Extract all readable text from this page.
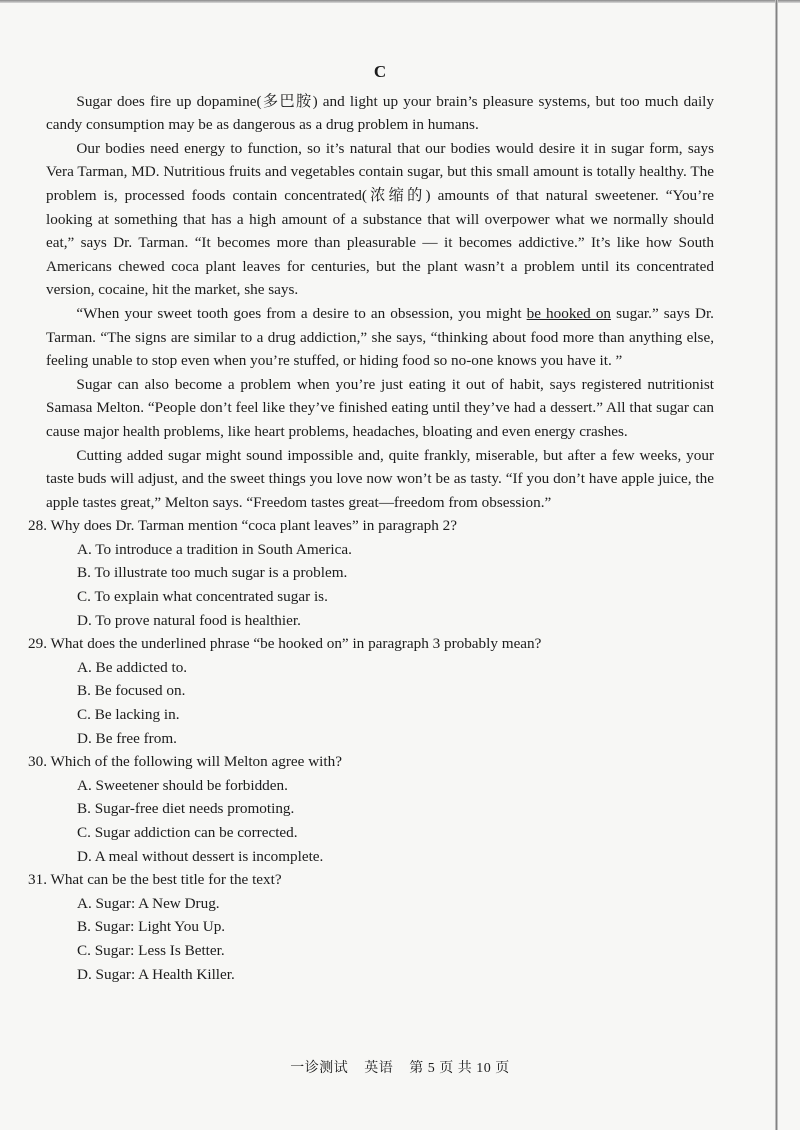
C

Sugar does fire up dopamine(多巴胺) and light up your brain’s pleasure systems, but too much daily candy consumption may be as dangerous as a drug problem in humans.

Our bodies need energy to function, so it’s natural that our bodies would desire it in sugar form, says Vera Tarman, MD. Nutritious fruits and vegetables contain sugar, but this small amount is totally healthy. The problem is, processed foods contain concentrated(浓缩的) amounts of that natural sweetener. “You’re looking at something that has a high amount of a substance that will overpower what we normally should eat,” says Dr. Tarman. “It becomes more than pleasurable — it becomes addictive.” It’s like how South Americans chewed coca plant leaves for centuries, but the plant wasn’t a problem until its concentrated version, cocaine, hit the market, she says.

“When your sweet tooth goes from a desire to an obsession, you might be hooked on sugar.” says Dr. Tarman. “The signs are similar to a drug addiction,” she says, “thinking about food more than anything else, feeling unable to stop even when you’re stuffed, or hiding food so no-one knows you have it. ”

Sugar can also become a problem when you’re just eating it out of habit, says registered nutritionist Samasa Melton. “People don’t feel like they’ve finished eating until they’ve had a dessert.” All that sugar can cause major health problems, like heart problems, headaches, bloating and even energy crashes.

Cutting added sugar might sound impossible and, quite frankly, miserable, but after a few weeks, your taste buds will adjust, and the sweet things you love now won’t be as tasty. “If you don’t have apple juice, the apple tastes great,” Melton says. “Freedom tastes great—freedom from obsession.”

28. Why does Dr. Tarman mention “coca plant leaves” in paragraph 2?

A. To introduce a tradition in South America.

B. To illustrate too much sugar is a problem.

C. To explain what concentrated sugar is.

D. To prove natural food is healthier.

29. What does the underlined phrase “be hooked on” in paragraph 3 probably mean?

A. Be addicted to.

B. Be focused on.

C. Be lacking in.

D. Be free from.

30. Which of the following will Melton agree with?

A. Sweetener should be forbidden.

B. Sugar-free diet needs promoting.

C. Sugar addiction can be corrected.

D. A meal without dessert is incomplete.

31. What can be the best title for the text?

A. Sugar: A New Drug.

B. Sugar: Light You Up.

C. Sugar: Less Is Better.

D. Sugar: A Health Killer.

一诊测试 英语 第 5 页 共 10 页
